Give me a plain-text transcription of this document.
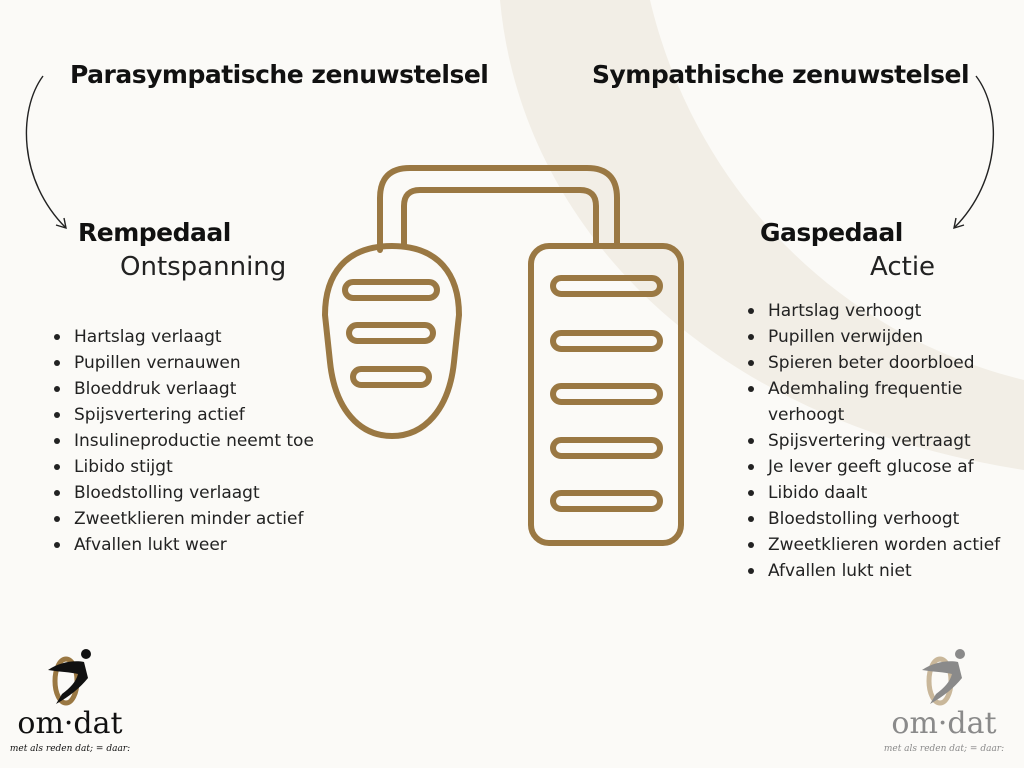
Parasympatische zenuwstelsel	Sympathische zenuwstelsel
Rempedaal

Ontspanning

Gaspedaal

Actie

Hartslag verlaagt
Pupillen vernauwen
Bloeddruk verlaagt
Spijsvertering actief
Insulineproductie neemt toe
Libido stijgt
Bloedstolling verlaagt
Zweetklieren minder actief
Afvallen lukt weer
Hartslag verhoogt
Pupillen verwijden
Spieren beter doorbloed
Ademhaling frequentie verhoogt
Spijsvertering vertraagt
Je lever geeft glucose af
Libido daalt
Bloedstolling verhoogt
Zweetklieren worden actief
Afvallen lukt niet
om·dat
met als reden dat; = daar:
om·dat
met als reden dat; = daar:
